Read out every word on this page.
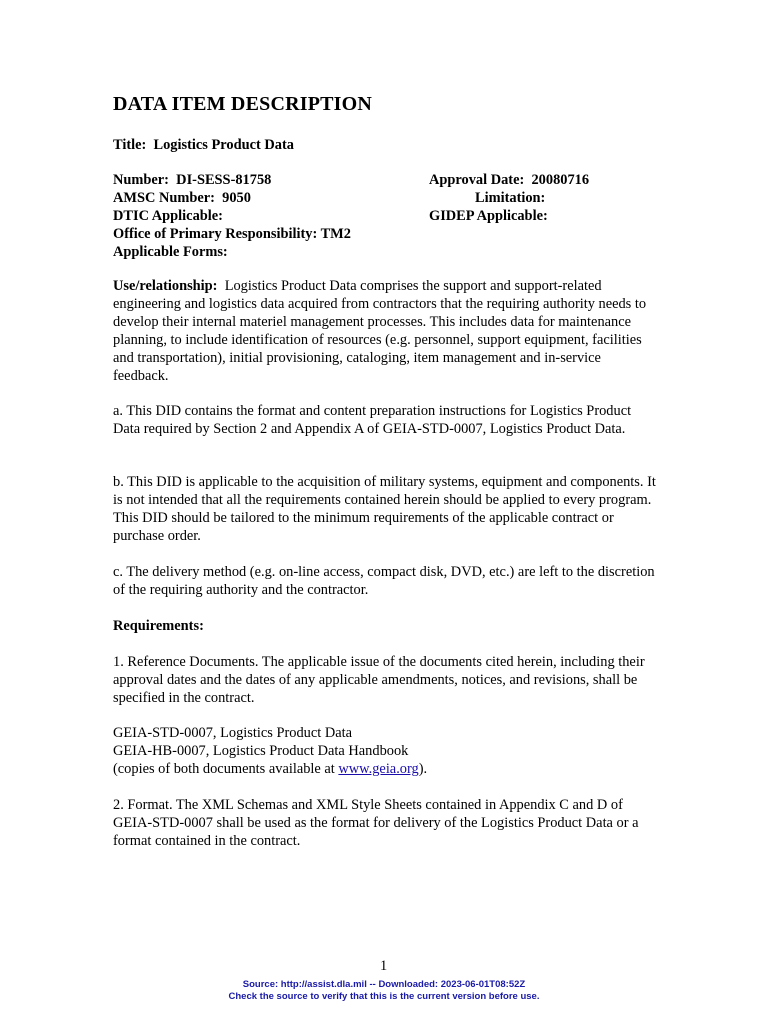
DATA ITEM DESCRIPTION
Title: Logistics Product Data
Number: DI-SESS-81758	Approval Date: 20080716
AMSC Number: 9050	Limitation:
DTIC Applicable:	GIDEP Applicable:
Office of Primary Responsibility: TM2
Applicable Forms:

Use/relationship: Logistics Product Data comprises the support and support-related engineering and logistics data acquired from contractors that the requiring authority needs to develop their internal materiel management processes. This includes data for maintenance planning, to include identification of resources (e.g. personnel, support equipment, facilities and transportation), initial provisioning, cataloging, item management and in-service feedback.

a. This DID contains the format and content preparation instructions for Logistics Product Data required by Section 2 and Appendix A of GEIA-STD-0007, Logistics Product Data.

b. This DID is applicable to the acquisition of military systems, equipment and components. It is not intended that all the requirements contained herein should be applied to every program. This DID should be tailored to the minimum requirements of the applicable contract or purchase order.

c. The delivery method (e.g. on-line access, compact disk, DVD, etc.) are left to the discretion of the requiring authority and the contractor.

Requirements:

1. Reference Documents. The applicable issue of the documents cited herein, including their approval dates and the dates of any applicable amendments, notices, and revisions, shall be specified in the contract.

GEIA-STD-0007, Logistics Product Data
GEIA-HB-0007, Logistics Product Data Handbook
(copies of both documents available at www.geia.org).

2. Format. The XML Schemas and XML Style Sheets contained in Appendix C and D of GEIA-STD-0007 shall be used as the format for delivery of the Logistics Product Data or a format contained in the contract.

1
Source: http://assist.dla.mil -- Downloaded: 2023-06-01T08:52Z
Check the source to verify that this is the current version before use.
